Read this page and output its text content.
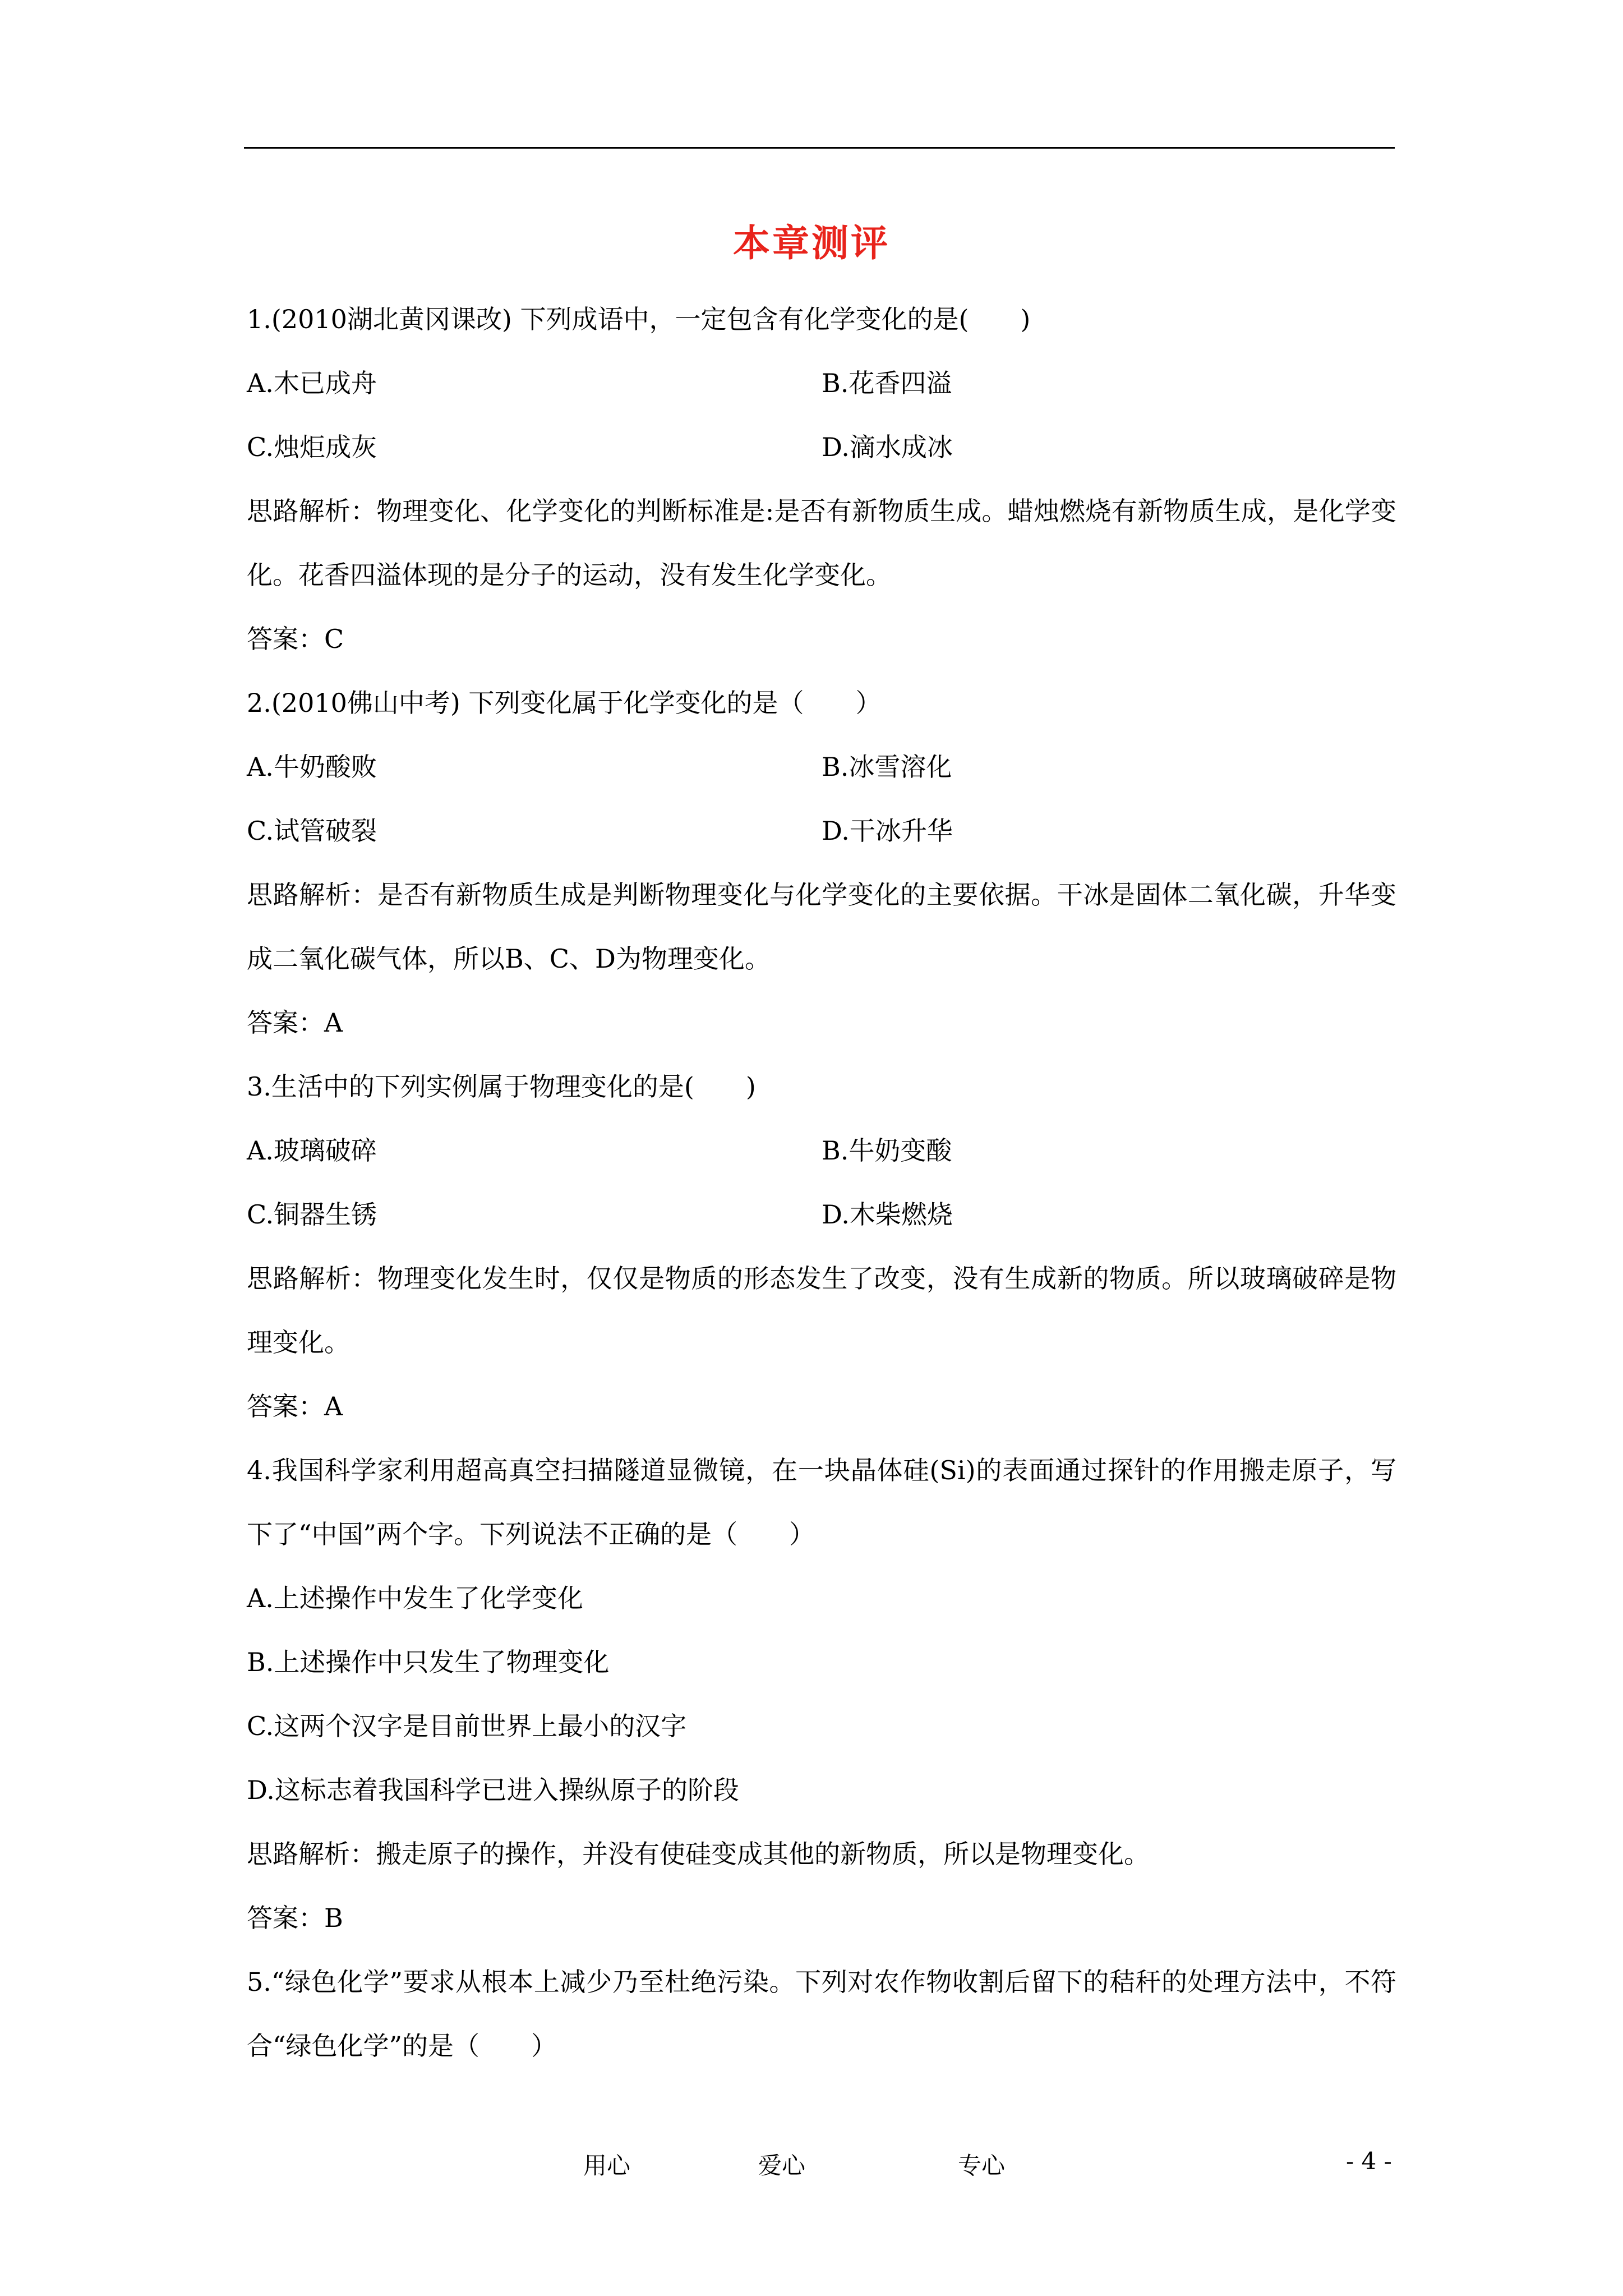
本章测评
1.(2010湖北黄冈课改) 下列成语中，一定包含有化学变化的是(　　)
A.木已成舟	B.花香四溢
C.烛炬成灰	D.滴水成冰
思路解析：物理变化、化学变化的判断标准是:是否有新物质生成。蜡烛燃烧有新物质生成，是化学变化。花香四溢体现的是分子的运动，没有发生化学变化。
答案：C
2.(2010佛山中考) 下列变化属于化学变化的是（　　）
A.牛奶酸败	B.冰雪溶化
C.试管破裂	D.干冰升华
思路解析：是否有新物质生成是判断物理变化与化学变化的主要依据。干冰是固体二氧化碳，升华变成二氧化碳气体，所以B、C、D为物理变化。
答案：A
3.生活中的下列实例属于物理变化的是(　　)
A.玻璃破碎	B.牛奶变酸
C.铜器生锈	D.木柴燃烧
思路解析：物理变化发生时，仅仅是物质的形态发生了改变，没有生成新的物质。所以玻璃破碎是物理变化。
答案：A
4.我国科学家利用超高真空扫描隧道显微镜，在一块晶体硅(Si)的表面通过探针的作用搬走原子，写下了“中国”两个字。下列说法不正确的是（　　）
A.上述操作中发生了化学变化
B.上述操作中只发生了物理变化
C.这两个汉字是目前世界上最小的汉字
D.这标志着我国科学已进入操纵原子的阶段
思路解析：搬走原子的操作，并没有使硅变成其他的新物质，所以是物理变化。
答案：B
5.“绿色化学”要求从根本上减少乃至杜绝污染。下列对农作物收割后留下的秸秆的处理方法中，不符合“绿色化学”的是（　　）
用心	爱心	专心	- 4 -
